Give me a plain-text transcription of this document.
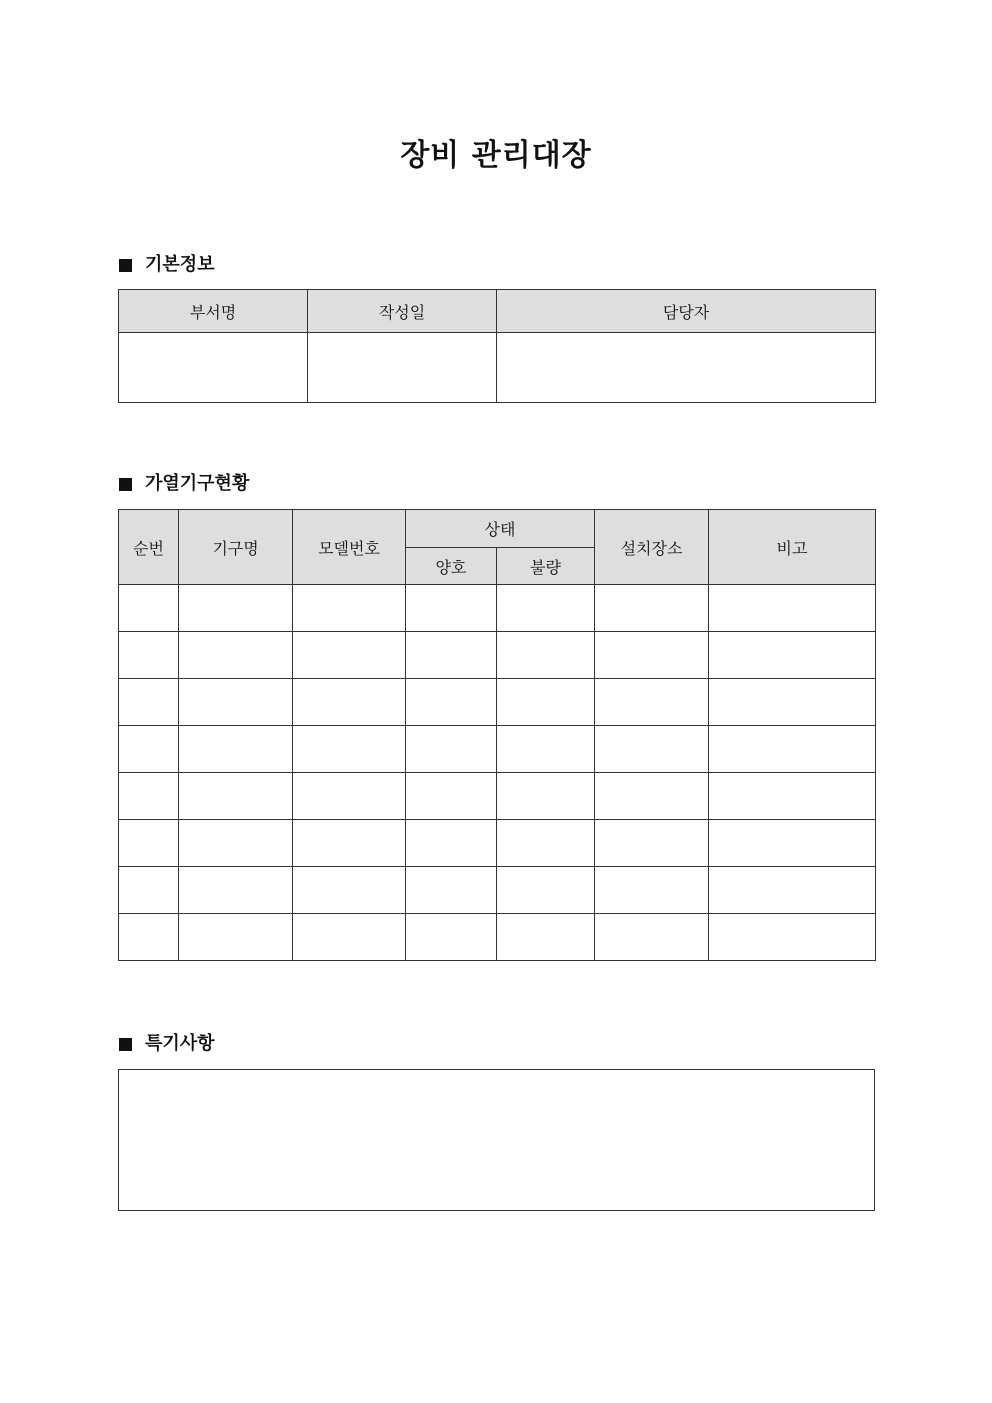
장비 관리대장
기본정보
부서명	작성일	담당자

가열기구현황
순번	기구명	모델번호	상태		설치장소	비고
			양호	불량		

특기사항
